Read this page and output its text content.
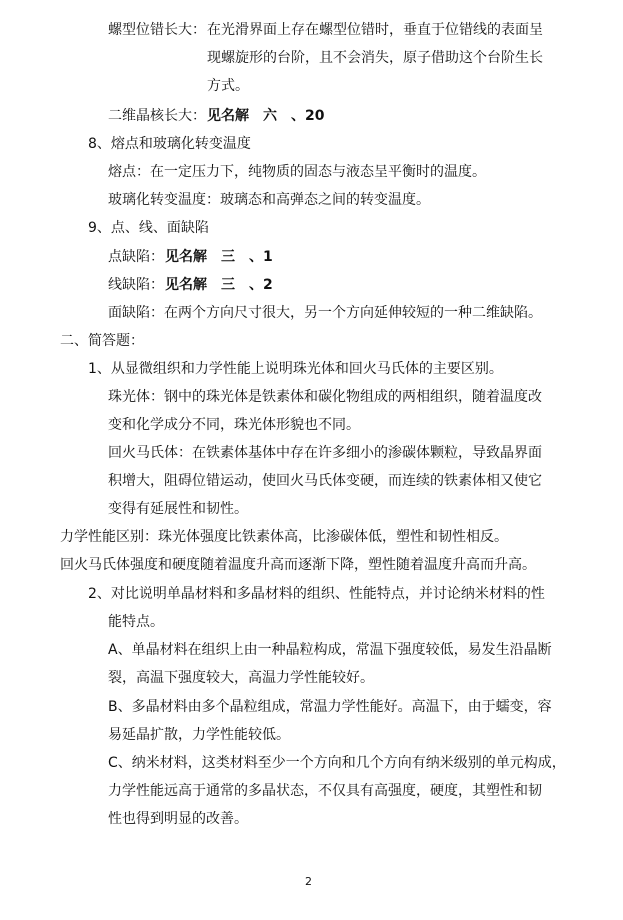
螺型位错长大： 在光滑界面上存在螺型位错时，垂直于位错线的表面呈
现螺旋形的台阶，且不会消失，原子借助这个台阶生长
方式。
二维晶核长大： 见名解　六　、20
8、熔点和玻璃化转变温度
熔点：在一定压力下，纯物质的固态与液态呈平衡时的温度。
玻璃化转变温度：玻璃态和高弹态之间的转变温度。
9、点、线、面缺陷
点缺陷： 见名解　三　、1
线缺陷： 见名解　三　、2
面缺陷：在两个方向尺寸很大，另一个方向延伸较短的一种二维缺陷。
二、简答题：
1、从显微组织和力学性能上说明珠光体和回火马氏体的主要区别。
珠光体：钢中的珠光体是铁素体和碳化物组成的两相组织，随着温度改
变和化学成分不同，珠光体形貌也不同。
回火马氏体：在铁素体基体中存在许多细小的渗碳体颗粒，导致晶界面
积增大，阻碍位错运动，使回火马氏体变硬，而连续的铁素体相又使它
变得有延展性和韧性。
力学性能区别：珠光体强度比铁素体高，比渗碳体低，塑性和韧性相反。
回火马氏体强度和硬度随着温度升高而逐渐下降，塑性随着温度升高而升高。
2、对比说明单晶材料和多晶材料的组织、性能特点，并讨论纳米材料的性
能特点。
A、单晶材料在组织上由一种晶粒构成，常温下强度较低，易发生沿晶断
裂，高温下强度较大，高温力学性能较好。
B、多晶材料由多个晶粒组成，常温力学性能好。高温下，由于蠕变，容
易延晶扩散，力学性能较低。
C、纳米材料，这类材料至少一个方向和几个方向有纳米级别的单元构成，
力学性能远高于通常的多晶状态，不仅具有高强度，硬度，其塑性和韧
性也得到明显的改善。
2
